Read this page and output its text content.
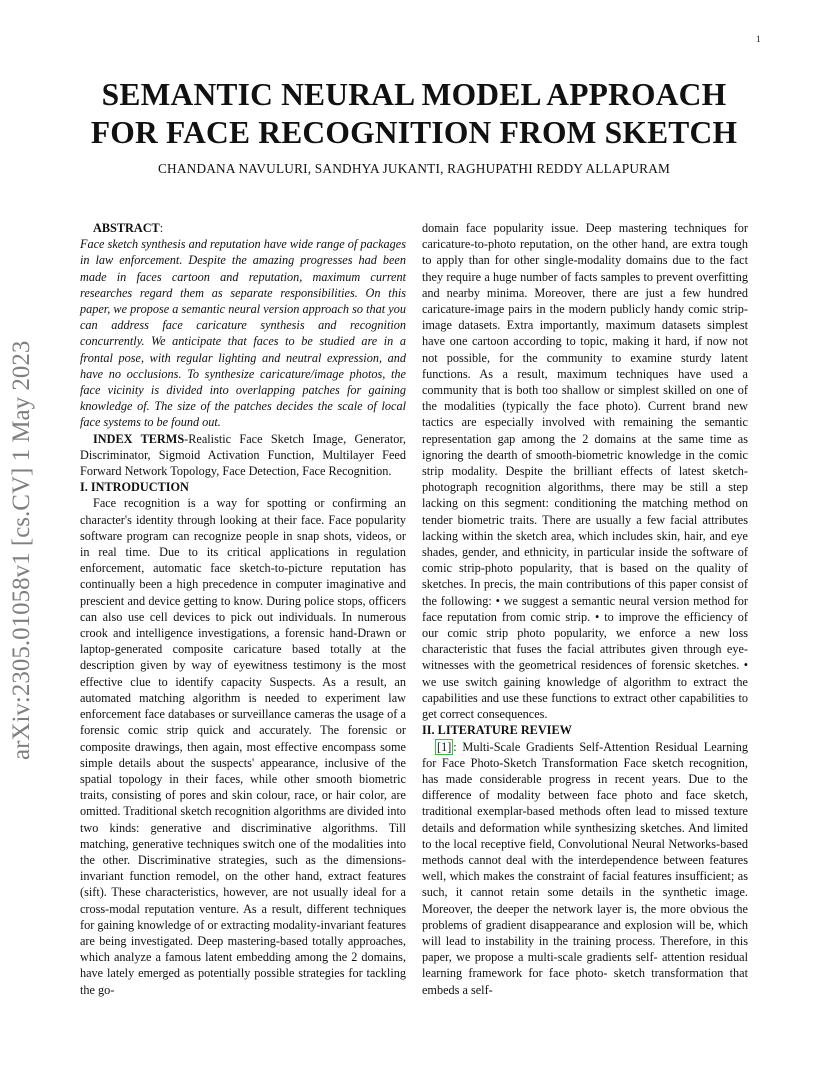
1
arXiv:2305.01058v1 [cs.CV] 1 May 2023
SEMANTIC NEURAL MODEL APPROACH
FOR FACE RECOGNITION FROM SKETCH
CHANDANA NAVULURI, SANDHYA JUKANTI, RAGHUPATHI REDDY ALLAPURAM

ABSTRACT:
Face sketch synthesis and reputation have wide range of packages in law enforcement. Despite the amazing progresses had been made in faces cartoon and reputation, maximum current researches regard them as separate responsibilities. On this paper, we propose a semantic neural version approach so that you can address face caricature synthesis and recognition concurrently. We anticipate that faces to be studied are in a frontal pose, with regular lighting and neutral expression, and have no occlusions. To synthesize caricature/image photos, the face vicinity is divided into overlapping patches for gaining knowledge of. The size of the patches decides the scale of local face systems to be found out.

INDEX TERMS-Realistic Face Sketch Image, Generator, Discriminator, Sigmoid Activation Function, Multilayer Feed Forward Network Topology, Face Detection, Face Recognition.

I. INTRODUCTION

Face recognition is a way for spotting or confirming an character's identity through looking at their face. Face popularity software program can recognize people in snap shots, videos, or in real time. Due to its critical applications in regulation enforcement, automatic face sketch-to-picture reputation has continually been a high precedence in computer imaginative and prescient and device getting to know. During police stops, officers can also use cell devices to pick out individuals. In numerous crook and intelligence investigations, a forensic hand-Drawn or laptop-generated composite caricature based totally at the description given by way of eyewitness testimony is the most effective clue to identify capacity Suspects. As a result, an automated matching algorithm is needed to experiment law enforcement face databases or surveillance cameras the usage of a forensic comic strip quick and accurately. The forensic or composite drawings, then again, most effective encompass some simple details about the suspects' appearance, inclusive of the spatial topology in their faces, while other smooth biometric traits, consisting of pores and skin colour, race, or hair color, are omitted. Traditional sketch recognition algorithms are divided into two kinds: generative and discriminative algorithms. Till matching, generative techniques switch one of the modalities into the other. Discriminative strategies, such as the dimensions-invariant function remodel, on the other hand, extract features (sift). These characteristics, however, are not usually ideal for a cross-modal reputation venture. As a result, different techniques for gaining knowledge of or extracting modality-invariant features are being investigated. Deep mastering-based totally approaches, which analyze a famous latent embedding among the 2 domains, have lately emerged as potentially possible strategies for tackling the go-

domain face popularity issue. Deep mastering techniques for caricature-to-photo reputation, on the other hand, are extra tough to apply than for other single-modality domains due to the fact they require a huge number of facts samples to prevent overfitting and nearby minima. Moreover, there are just a few hundred caricature-image pairs in the modern publicly handy comic strip-image datasets. Extra importantly, maximum datasets simplest have one cartoon according to topic, making it hard, if now not not possible, for the community to examine sturdy latent functions. As a result, maximum techniques have used a community that is both too shallow or simplest skilled on one of the modalities (typically the face photo). Current brand new tactics are especially involved with remaining the semantic representation gap among the 2 domains at the same time as ignoring the dearth of smooth-biometric knowledge in the comic strip modality. Despite the brilliant effects of latest sketch-photograph recognition algorithms, there may be still a step lacking on this segment: conditioning the matching method on tender biometric traits. There are usually a few facial attributes lacking within the sketch area, which includes skin, hair, and eye shades, gender, and ethnicity, in particular inside the software of comic strip-photo popularity, that is based on the quality of sketches. In precis, the main contributions of this paper consist of the following: • we suggest a semantic neural version method for face reputation from comic strip. • to improve the efficiency of our comic strip photo popularity, we enforce a new loss characteristic that fuses the facial attributes given through eye-witnesses with the geometrical residences of forensic sketches. • we use switch gaining knowledge of algorithm to extract the capabilities and use these functions to extract other capabilities to get correct consequences.

II. LITERATURE REVIEW

[1] : Multi-Scale Gradients Self-Attention Residual Learning for Face Photo-Sketch Transformation Face sketch recognition, has made considerable progress in recent years. Due to the difference of modality between face photo and face sketch, traditional exemplar-based methods often lead to missed texture details and deformation while synthesizing sketches. And limited to the local receptive field, Convolutional Neural Networks-based methods cannot deal with the interdependence between features well, which makes the constraint of facial features insufficient; as such, it cannot retain some details in the synthetic image. Moreover, the deeper the network layer is, the more obvious the problems of gradient disappearance and explosion will be, which will lead to instability in the training process. Therefore, in this paper, we propose a multi-scale gradients self- attention residual learning framework for face photo- sketch transformation that embeds a self-
